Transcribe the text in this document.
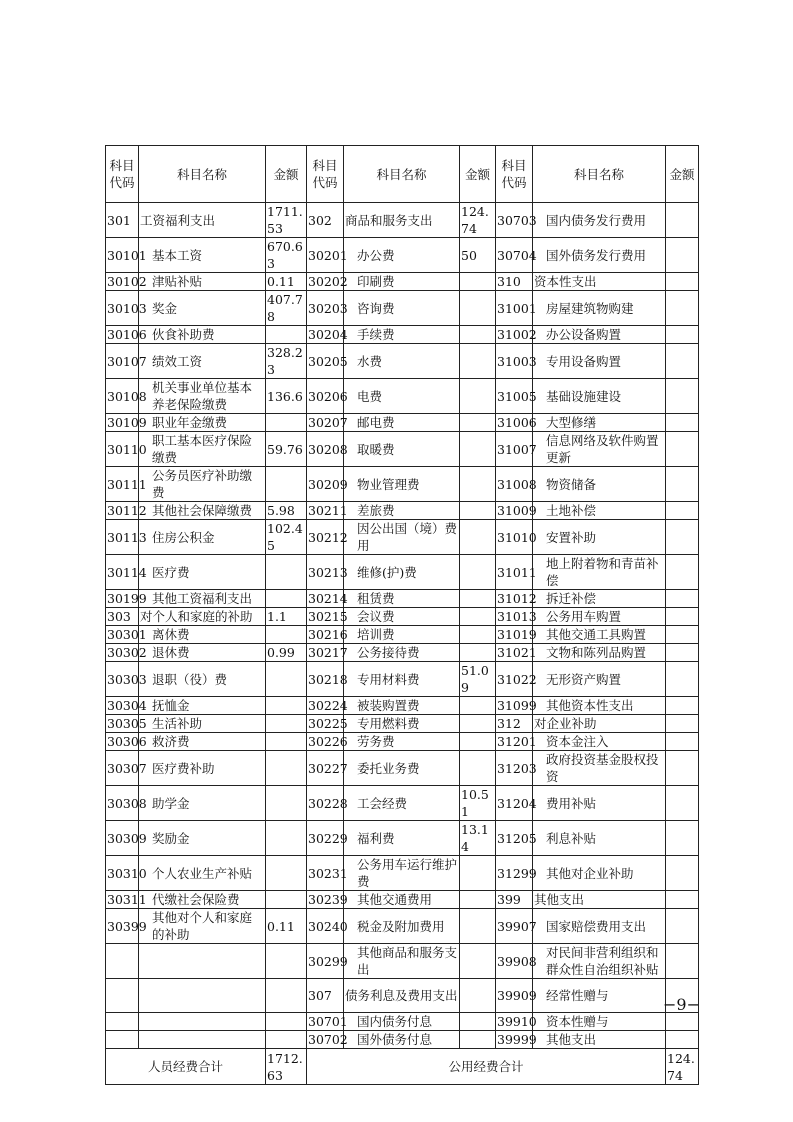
科目代码	科目名称	金额	科目代码	科目名称	金额	科目代码	科目名称	金额
301	工资福利支出	1711.53	302	商品和服务支出	124.74	30703	国内债务发行费用	
30101	基本工资	670.63	30201	办公费	50	30704	国外债务发行费用	
30102	津贴补贴	0.11	30202	印刷费		310	资本性支出	
30103	奖金	407.78	30203	咨询费		31001	房屋建筑物购建	
30106	伙食补助费		30204	手续费		31002	办公设备购置	
30107	绩效工资	328.23	30205	水费		31003	专用设备购置	
30108	机关事业单位基本养老保险缴费	136.6	30206	电费		31005	基础设施建设	
30109	职业年金缴费		30207	邮电费		31006	大型修缮	
30110	职工基本医疗保险缴费	59.76	30208	取暖费		31007	信息网络及软件购置更新	
30111	公务员医疗补助缴费		30209	物业管理费		31008	物资储备	
30112	其他社会保障缴费	5.98	30211	差旅费		31009	土地补偿	
30113	住房公积金	102.45	30212	因公出国（境）费用		31010	安置补助	
30114	医疗费		30213	维修(护)费		31011	地上附着物和青苗补偿	
30199	其他工资福利支出		30214	租赁费		31012	拆迁补偿	
303	对个人和家庭的补助	1.1	30215	会议费		31013	公务用车购置	
30301	离休费		30216	培训费		31019	其他交通工具购置	
30302	退休费	0.99	30217	公务接待费		31021	文物和陈列品购置	
30303	退职（役）费		30218	专用材料费	51.09	31022	无形资产购置	
30304	抚恤金		30224	被装购置费		31099	其他资本性支出	
30305	生活补助		30225	专用燃料费		312	对企业补助	
30306	救济费		30226	劳务费		31201	资本金注入	
30307	医疗费补助		30227	委托业务费		31203	政府投资基金股权投资	
30308	助学金		30228	工会经费	10.51	31204	费用补贴	
30309	奖励金		30229	福利费	13.14	31205	利息补贴	
30310	个人农业生产补贴		30231	公务用车运行维护费		31299	其他对企业补助	
30311	代缴社会保险费		30239	其他交通费用		399	其他支出	
30399	其他对个人和家庭的补助	0.11	30240	税金及附加费用		39907	国家赔偿费用支出	
			30299	其他商品和服务支出		39908	对民间非营利组织和群众性自治组织补贴	
			307	债务利息及费用支出		39909	经常性赠与	
			30701	国内债务付息		39910	资本性赠与	
			30702	国外债务付息		39999	其他支出	
人员经费合计		1712.63	公用经费合计					124.74
−9−
